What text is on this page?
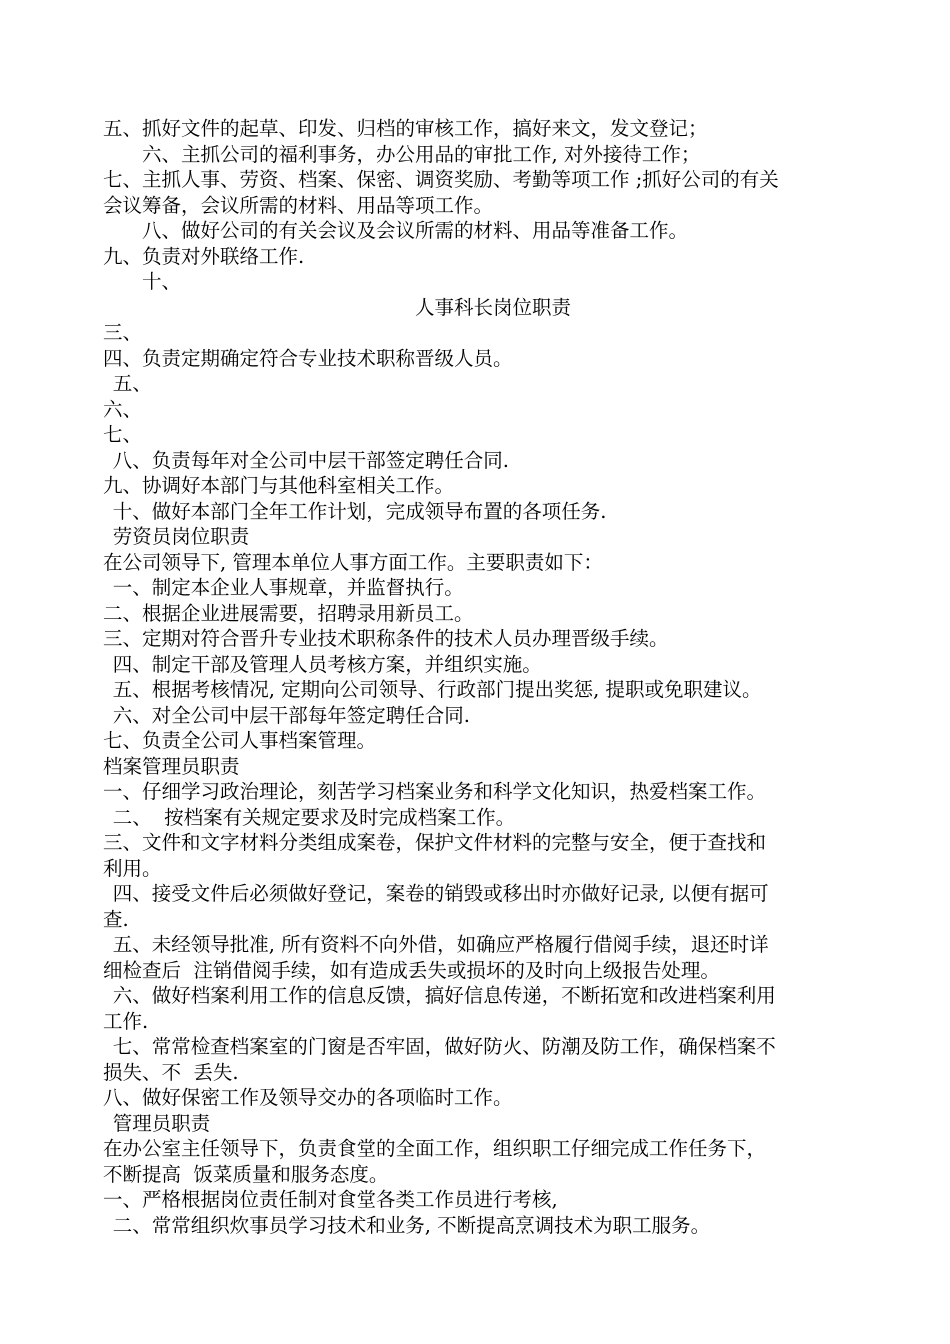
五、抓好文件的起草、印发、归档的审核工作，搞好来文，发文登记；
六、主抓公司的福利事务，办公用品的审批工作, 对外接待工作；
七、主抓人事、劳资、档案、保密、调资奖励、考勤等项工作 ;抓好公司的有关
会议筹备，会议所需的材料、用品等项工作。
八、做好公司的有关会议及会议所需的材料、用品等准备工作。
九、负责对外联络工作.
十、
人事科长岗位职责
三、
四、负责定期确定符合专业技术职称晋级人员。
五、
六、
七、
八、负责每年对全公司中层干部签定聘任合同.
九、协调好本部门与其他科室相关工作。
十、做好本部门全年工作计划，完成领导布置的各项任务.
劳资员岗位职责
在公司领导下, 管理本单位人事方面工作。主要职责如下：
一、制定本企业人事规章，并监督执行。
二、根据企业进展需要，招聘录用新员工。
三、定期对符合晋升专业技术职称条件的技术人员办理晋级手续。
四、制定干部及管理人员考核方案，并组织实施。
五、根据考核情况, 定期向公司领导、行政部门提出奖惩, 提职或免职建议。
六、对全公司中层干部每年签定聘任合同.
七、负责全公司人事档案管理。
档案管理员职责
一、仔细学习政治理论，刻苦学习档案业务和科学文化知识，热爱档案工作。
二、  按档案有关规定要求及时完成档案工作。
三、文件和文字材料分类组成案卷，保护文件材料的完整与安全，便于查找和
利用。
四、接受文件后必须做好登记，案卷的销毁或移出时亦做好记录, 以便有据可
查.
五、未经领导批准, 所有资料不向外借，如确应严格履行借阅手续，退还时详
细检查后  注销借阅手续，如有造成丢失或损坏的及时向上级报告处理。
六、做好档案利用工作的信息反馈，搞好信息传递，不断拓宽和改进档案利用
工作.
七、常常检查档案室的门窗是否牢固，做好防火、防潮及防工作，确保档案不
损失、不  丢失.
八、做好保密工作及领导交办的各项临时工作。
管理员职责
在办公室主任领导下，负责食堂的全面工作，组织职工仔细完成工作任务下，
不断提高  饭菜质量和服务态度。
一、严格根据岗位责任制对食堂各类工作员进行考核,
二、常常组织炊事员学习技术和业务, 不断提高烹调技术为职工服务。
